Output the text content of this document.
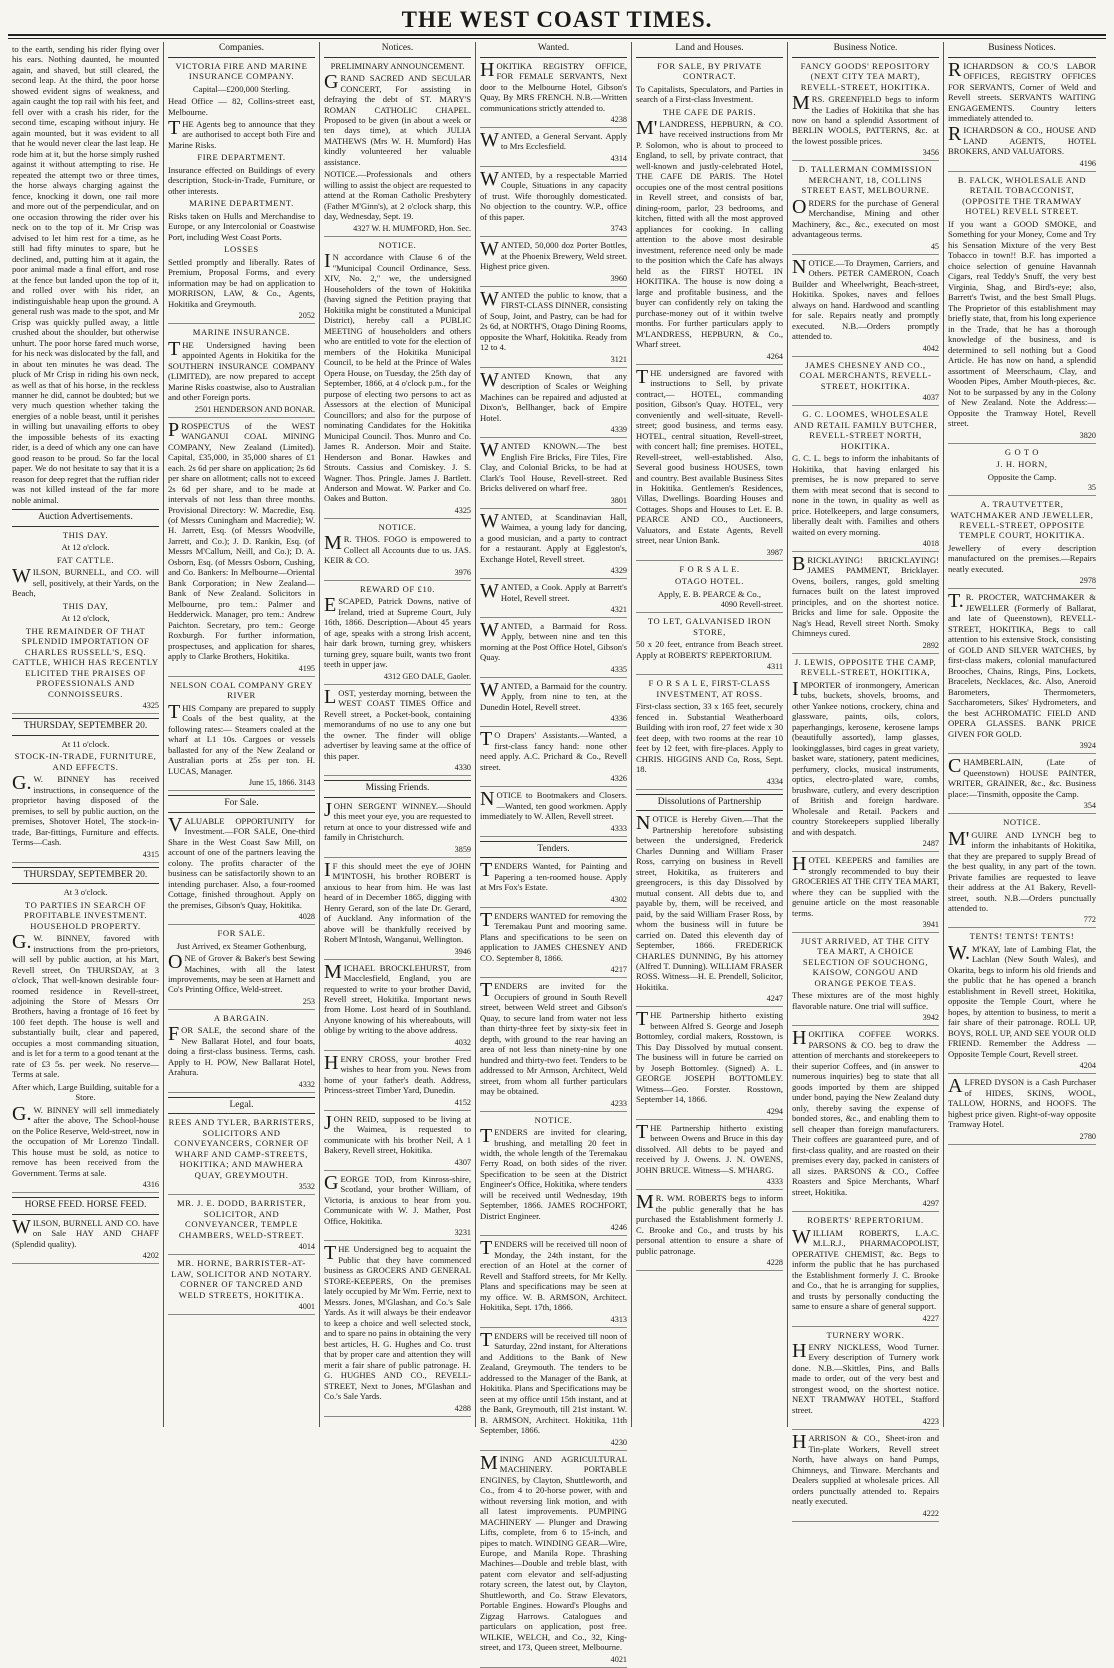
THE WEST COAST TIMES.
to the earth, sending his rider flying over his ears. Nothing daunted, he mounted again, and shaved, but still cleared, the second leap. At the third, the poor horse showed evident signs of weakness, and again caught the top rail with his feet, and fell over with a crash his rider, for the second time, escaping without injury. He again mounted, but it was evident to all that he would never clear the last leap. He rode him at it, but the horse simply rushed against it without attempting to rise. He repeated the attempt two or three times, the horse always charging against the fence, knocking it down, one rail more and more out of the perpendicular, and on one occasion throwing the rider over his neck on to the top of it. Mr Crisp was advised to let him rest for a time, as he still had fifty minutes to spare, but he declined, and, putting him at it again, the poor animal made a final effort, and rose at the fence but landed upon the top of it, and rolled over with his rider, an indistinguishable heap upon the ground. A general rush was made to the spot, and Mr Crisp was quickly pulled away, a little crushed about the shoulder, but otherwise unhurt. The poor horse fared much worse, for his neck was dislocated by the fall, and in about ten minutes he was dead. The pluck of Mr Crisp in riding his own neck, as well as that of his horse, in the reckless manner he did, cannot be doubted; but we very much question whether taking the energies of a noble beast, until it perishes in willing but unavailing efforts to obey the impossible behests of its exacting rider, is a deed of which any one can have good reason to be proud. So far the local paper. We do not hesitate to say that it is a reason for deep regret that the ruffian rider was not killed instead of the far more noble animal.
Auction Advertisements.
THIS DAY.
At 12 o'clock.
FAT CATTLE.
WILSON, BURNELL, and CO. will sell, positively, at their Yards, on the Beach,
THIS DAY,
At 12 o'clock,
THE REMAINDER OF THAT SPLENDID IMPORTATION OF CHARLES RUSSELL'S, ESQ. CATTLE, WHICH HAS RECENTLY ELICITED THE PRAISES OF PROFESSIONALS AND CONNOISSEURS.
4325
THURSDAY, SEPTEMBER 20.
At 11 o'clock.
STOCK-IN-TRADE, FURNITURE, AND EFFECTS.
G.W. BINNEY has received instructions, in consequence of the proprietor having disposed of the premises, to sell by public auction, on the premises, Shotover Hotel, The stock-in-trade, Bar-fittings, Furniture and effects. Terms—Cash.
4315
THURSDAY, SEPTEMBER 20.
At 3 o'clock.
TO PARTIES IN SEARCH OF PROFITABLE INVESTMENT. HOUSEHOLD PROPERTY.
G.W. BINNEY, favored with instructions from the pro-prietors, will sell by public auction, at his Mart, Revell street, On THURSDAY, at 3 o'clock, That well-known desirable four-roomed residence in Revell-street, adjoining the Store of Messrs Orr Brothers, having a frontage of 16 feet by 100 feet depth. The house is well and substantially built, clear and papered, occupies a most commanding situation, and is let for a term to a good tenant at the rate of £3 5s. per week. No reserve—Terms at sale.
After which, Large Building, suitable for a Store.
G.W. BINNEY will sell immediately after the above, The School-house on the Police Reserve, Weld-street, now in the occupation of Mr Lorenzo Tindall. This house must be sold, as notice to remove has been received from the Government. Terms at sale.
4316
HORSE FEED. HORSE FEED.
WILSON, BURNELL AND CO. have on Sale HAY AND CHAFF (Splendid quality).
4202
Companies.
VICTORIA FIRE AND MARINE INSURANCE COMPANY.
Capital—£200,000 Sterling.
Head Office — 82, Collins-street east, Melbourne.
THE Agents beg to announce that they are authorised to accept both Fire and Marine Risks.
FIRE DEPARTMENT.
Insurance effected on Buildings of every description, Stock-in-Trade, Furniture, or other interests.
MARINE DEPARTMENT.
Risks taken on Hulls and Merchandise to Europe, or any Intercolonial or Coastwise Port, including West Coast Ports.
LOSSES
Settled promptly and liberally. Rates of Premium, Proposal Forms, and every information may be had on application to MORRISON, LAW, & Co., Agents, Hokitika and Greymouth.
2052
MARINE INSURANCE.
THE Undersigned having been appointed Agents in Hokitika for the SOUTHERN INSURANCE COMPANY (LIMITED), are now prepared to accept Marine Risks coastwise, also to Australian and other Foreign ports.
2501 HENDERSON AND BONAR.
PROSPECTUS of the WEST WANGANUI COAL MINING COMPANY, New Zealand (Limited). Capital, £35,000, in 35,000 shares of £1 each. 2s 6d per share on application; 2s 6d per share on allotment; calls not to exceed 2s 6d per share, and to be made at intervals of not less than three months. Provisional Directory: W. Macredie, Esq. (of Messrs Cuningham and Macredie); W. H. Jarrett, Esq. (of Messrs Woodville, Jarrett, and Co.); J. D. Rankin, Esq. (of Messrs M'Callum, Neill, and Co.); D. A. Osborn, Esq. (of Messrs Osborn, Cushing, and Co. Bankers: In Melbourne—Oriental Bank Corporation; in New Zealand—Bank of New Zealand. Solicitors in Melbourne, pro tem.: Palmer and Hedderwick. Manager, pro tem.: Andrew Paichton. Secretary, pro tem.: George Roxburgh. For further information, prospectuses, and application for shares, apply to Clarke Brothers, Hokitika.
4195
NELSON COAL COMPANY GREY RIVER
THIS Company are prepared to supply Coals of the best quality, at the following rates:— Steamers coaled at the wharf at L1 10s. Cargoes or vessels ballasted for any of the New Zealand or Australian ports at 25s per ton. H. LUCAS, Manager.
June 15, 1866. 3143
For Sale.
VALUABLE OPPORTUNITY for Investment.—FOR SALE, One-third Share in the West Coast Saw Mill, on account of one of the partners leaving the colony. The profits character of the business can be satisfactorily shown to an intending purchaser. Also, a four-roomed Cottage, finished throughout. Apply on the premises, Gibson's Quay, Hokitika.
4028
FOR SALE.
Just Arrived, ex Steamer Gothenburg,
ONE of Grover & Baker's best Sewing Machines, with all the latest improvements, may be seen at Harnett and Co's Printing Office, Weld-street.
253
A BARGAIN.
FOR SALE, the second share of the New Ballarat Hotel, and four boats, doing a first-class business. Terms, cash. Apply to H. POW, New Ballarat Hotel, Arahura.
4332
Legal.
REES AND TYLER, BARRISTERS, SOLICITORS AND CONVEYANCERS, CORNER OF WHARF AND CAMP-STREETS, HOKITIKA; AND MAWHERA QUAY, GREYMOUTH.
3532
MR. J. E. DODD, BARRISTER, SOLICITOR, AND CONVEYANCER, TEMPLE CHAMBERS, WELD-STREET.
4014
MR. HORNE, BARRISTER-AT-LAW, SOLICITOR AND NOTARY. CORNER OF TANCRED AND WELD STREETS, HOKITIKA.
4001
Notices.
PRELIMINARY ANNOUNCEMENT.
GRAND SACRED AND SECULAR CONCERT, For assisting in defraying the debt of ST. MARY'S ROMAN CATHOLIC CHAPEL. Proposed to be given (in about a week or ten days time), at which JULIA MATHEWS (Mrs W. H. Mumford) Has kindly volunteered her valuable assistance.
NOTICE.—Professionals and others willing to assist the object are requested to attend at the Roman Catholic Presbytery (Father M'Ginn's), at 2 o'clock sharp, this day, Wednesday, Sept. 19.
4327 W. H. MUMFORD, Hon. Sec.
NOTICE.
IN accordance with Clause 6 of the "Municipal Council Ordinance, Sess. XIV, No. 2," we, the undersigned Householders of the town of Hokitika (having signed the Petition praying that Hokitika might be constituted a Municipal District), hereby call a PUBLIC MEETING of householders and others who are entitled to vote for the election of members of the Hokitika Municipal Council, to be held at the Prince of Wales Opera House, on Tuesday, the 25th day of September, 1866, at 4 o'clock p.m., for the purpose of electing two persons to act as Assessors at the election of Municipal Councillors; and also for the purpose of nominating Candidates for the Hokitika Municipal Council. Thos. Munro and Co. James R. Anderson. Moir and Staite. Henderson and Bonar. Hawkes and Strouts. Cassius and Comiskey. J. S. Wagner. Thos. Pringle. James J. Bartlett. Anderson and Mowat. W. Parker and Co. Oakes and Button.
4325
NOTICE.
MR. THOS. FOGO is empowered to Collect all Accounts due to us. JAS. KEIR & CO.
3976
REWARD OF £10.
ESCAPED, Patrick Downs, native of Ireland, tried at Supreme Court, July 16th, 1866. Description—About 45 years of age, speaks with a strong Irish accent, hair dark brown, turning grey, whiskers turning grey, square built, wants two front teeth in upper jaw.
4312 GEO DALE, Gaoler.
LOST, yesterday morning, between the WEST COAST TIMES Office and Revell street, a Pocket-book, containing memorandums of no use to any one but the owner. The finder will oblige advertiser by leaving same at the office of this paper.
4330
Missing Friends.
JOHN SERGENT WINNEY.—Should this meet your eye, you are requested to return at once to your distressed wife and family in Christchurch.
3859
IF this should meet the eye of JOHN M'INTOSH, his brother ROBERT is anxious to hear from him. He was last heard of in December 1865, digging with Henry Gerard, son of the late Dr. Gerard, of Auckland. Any information of the above will be thankfully received by Robert M'Intosh, Wanganui, Wellington.
3946
MICHAEL BROCKLEHURST, from Macclesfield, England, you are requested to write to your brother David, Revell street, Hokitika. Important news from Home. Lost heard of in Southland. Anyone knowing of his whereabouts, will oblige by writing to the above address.
4032
HENRY CROSS, your brother Fred wishes to hear from you. News from home of your father's death. Address, Princess-street Timber Yard, Dunedin.
4152
JOHN REID, supposed to be living at the Waimea, is requested to communicate with his brother Neil, A 1 Bakery, Revell street, Hokitika.
4307
GEORGE TOD, from Kinross-shire, Scotland, your brother William, of Victoria, is anxious to hear from you. Communicate with W. J. Mather, Post Office, Hokitika.
3231
THE Undersigned beg to acquaint the Public that they have commenced business as GROCERS AND GENERAL STORE-KEEPERS, On the premises lately occupied by Mr Wm. Ferrie, next to Messrs. Jones, M'Glashan, and Co.'s Sale Yards. As it will always be their endeavor to keep a choice and well selected stock, and to spare no pains in obtaining the very best articles, H. G. Hughes and Co. trust that by proper care and attention they will merit a fair share of public patronage. H. G. HUGHES AND CO., REVELL-STREET, Next to Jones, M'Glashan and Co.'s Sale Yards.
4288
Wanted.
HOKITIKA REGISTRY OFFICE, FOR FEMALE SERVANTS, Next door to the Melbourne Hotel, Gibson's Quay, By MRS FRENCH. N.B.—Written communications strictly attended to.
4238
WANTED, a General Servant. Apply to Mrs Ecclesfield.
4314
WANTED, by a respectable Married Couple, Situations in any capacity of trust. Wife thoroughly domesticated. No objection to the country. W.P., office of this paper.
3743
WANTED, 50,000 doz Porter Bottles, at the Phoenix Brewery, Weld street. Highest price given.
3960
WANTED the public to know, that a FIRST-CLASS DINNER, consisting of Soup, Joint, and Pastry, can be had for 2s 6d, at NORTH'S, Otago Dining Rooms, opposite the Wharf, Hokitika. Ready from 12 to 4.
3121
WANTED Known, that any description of Scales or Weighing Machines can be repaired and adjusted at Dixon's, Bellhanger, back of Empire Hotel.
4339
WANTED KNOWN.—The best English Fire Bricks, Fire Tiles, Fire Clay, and Colonial Bricks, to be had at Clark's Tool House, Revell-street. Red Bricks delivered on wharf free.
3801
WANTED, at Scandinavian Hall, Waimea, a young lady for dancing, a good musician, and a party to contract for a restaurant. Apply at Eggleston's, Exchange Hotel, Revell street.
4329
WANTED, a Cook. Apply at Barrett's Hotel, Revell street.
4321
WANTED, a Barmaid for Ross. Apply, between nine and ten this morning at the Post Office Hotel, Gibson's Quay.
4335
WANTED, a Barmaid for the country. Apply, from nine to ten, at the Dunedin Hotel, Revell street.
4336
TO Drapers' Assistants.—Wanted, a first-class fancy hand: none other need apply. A.C. Prichard & Co., Revell street.
4326
NOTICE to Bootmakers and Closers.—Wanted, ten good workmen. Apply immediately to W. Allen, Revell street.
4333
Tenders.
TENDERS Wanted, for Painting and Papering a ten-roomed house. Apply at Mrs Fox's Estate.
4302
TENDERS WANTED for removing the Teremakau Punt and mooring same. Plans and specifications to be seen on application to JAMES CHESNEY AND CO. September 8, 1866.
4217
TENDERS are invited for the Occupiers of ground in South Revell street, between Weld street and Gibson's Quay, to secure land from water not less than thirty-three feet by sixty-six feet in depth, with ground to the rear having an area of not less than ninety-nine by one hundred and thirty-two feet. Tenders to be addressed to Mr Armson, Architect, Weld street, from whom all further particulars may be obtained.
4233
NOTICE.
TENDERS are invited for clearing, brushing, and metalling 20 feet in width, the whole length of the Teremakau Ferry Road, on both sides of the river. Specification to be seen at the District Engineer's Office, Hokitika, where tenders will be received until Wednesday, 19th September, 1866. JAMES ROCHFORT, District Engineer.
4246
TENDERS will be received till noon of Monday, the 24th instant, for the erection of an Hotel at the corner of Revell and Stafford streets, for Mr Kelly. Plans and specifications may be seen at my office. W. B. ARMSON, Architect. Hokitika, Sept. 17th, 1866.
4313
TENDERS will be received till noon of Saturday, 22nd instant, for Alterations and Additions to the Bank of New Zealand, Greymouth. The tenders to be addressed to the Manager of the Bank, at Hokitika. Plans and Specifications may be seen at my office until 15th instant, and at the Bank, Greymouth, till 21st instant. W. B. ARMSON, Architect. Hokitika, 11th September, 1866.
4230
MINING AND AGRICULTURAL MACHINERY. PORTABLE ENGINES, by Clayton, Shuttleworth, and Co., from 4 to 20-horse power, with and without reversing link motion, and with all latest improvements. PUMPING MACHINERY — Plunger and Drawing Lifts, complete, from 6 to 15-inch, and pipes to match. WINDING GEAR—Wire, Europe, and Manila Rope. Thrashing Machines—Double and treble blast, with patent corn elevator and self-adjusting rotary screen, the latest out, by Clayton, Shuttleworth, and Co. Straw Elevators, Portable Engines. Howard's Ploughs and Zigzag Harrows. Catalogues and particulars on application, post free. WILKIE, WELCH, and Co., 32, King-street, and 173, Queen street, Melbourne.
4021
Land and Houses.
FOR SALE, BY PRIVATE CONTRACT.
To Capitalists, Speculators, and Parties in search of a First-class Investment.
THE CAFE DE PARIS.
M'LANDRESS, HEPBURN, & CO. have received instructions from Mr P. Solomon, who is about to proceed to England, to sell, by private contract, that well-known and justly-celebrated Hotel, THE CAFE DE PARIS. The Hotel occupies one of the most central positions in Revell street, and consists of bar, dining-room, parlor, 23 bedrooms, and kitchen, fitted with all the most approved appliances for cooking. In calling attention to the above most desirable investment, reference need only be made to the position which the Cafe has always held as the FIRST HOTEL IN HOKITIKA. The house is now doing a large and profitable business, and the buyer can confidently rely on taking the purchase-money out of it within twelve months. For further particulars apply to M'LANDRESS, HEPBURN, & Co., Wharf street.
4264
THE undersigned are favored with instructions to Sell, by private contract,— HOTEL, commanding position, Gibson's Quay. HOTEL, very conveniently and well-situate, Revell-street; good business, and terms easy. HOTEL, central situation, Revell-street, with concert hall; fine premises. HOTEL, Revell-street, well-established. Also, Several good business HOUSES, town and country. Best available Business Sites in Hokitika. Gentlemen's Residences, Villas, Dwellings. Boarding Houses and Cottages. Shops and Houses to Let. E. B. PEARCE AND CO., Auctioneers, Valuators, and Estate Agents, Revell street, near Union Bank.
3987
F O R S A L E.
OTAGO HOTEL.
Apply, E. B. PEARCE & Co.,
4090 Revell-street.
TO LET, GALVANISED IRON STORE,
50 x 20 feet, entrance from Beach street. Apply at ROBERTS' REPERTORIUM.
4311
F O R S A L E, FIRST-CLASS INVESTMENT, AT ROSS.
First-class section, 33 x 165 feet, securely fenced in. Substantial Weatherboard Building with iron roof, 27 feet wide x 30 feet deep, with two rooms at the rear 10 feet by 12 feet, with fire-places. Apply to CHRIS. HIGGINS AND Co, Ross, Sept. 18.
4334
Dissolutions of Partnership
NOTICE is Hereby Given.—That the Partnership heretofore subsisting between the undersigned, Frederick Charles Dunning and William Fraser Ross, carrying on business in Revell street, Hokitika, as fruiterers and greengrocers, is this day Dissolved by mutual consent. All debts due to, and payable by, them, will be received, and paid, by the said William Fraser Ross, by whom the business will in future be carried on. Dated this eleventh day of September, 1866. FREDERICK CHARLES DUNNING, By his attorney (Alfred T. Dunning). WILLIAM FRASER ROSS. Witness—H. E. Prendell, Solicitor, Hokitika.
4247
THE Partnership hitherto existing between Alfred S. George and Joseph Bottomley, cordial makers, Rosstown, is This Day Dissolved by mutual consent. The business will in future be carried on by Joseph Bottomley. (Signed) A. L. GEORGE JOSEPH BOTTOMLEY. Witness—Geo. Forster. Rosstown, September 14, 1866.
4294
THE Partnership hitherto existing between Owens and Bruce in this day dissolved. All debts to be payed and received by J. Owens. J. N. OWENS, JOHN BRUCE. Witness—S. M'HARG.
4333
MR. WM. ROBERTS begs to inform the public generally that he has purchased the Establishment formerly J. C. Brooke and Co., and trusts by his personal attention to ensure a share of public patronage.
4228
Business Notice.
FANCY GOODS' REPOSITORY (NEXT CITY TEA MART), REVELL-STREET, HOKITIKA.
MRS. GREENFIELD begs to inform the Ladies of Hokitika that she has now on hand a splendid Assortment of BERLIN WOOLS, PATTERNS, &c. at the lowest possible prices.
3456
D. TALLERMAN COMMISSION MERCHANT, 18, COLLINS STREET EAST, MELBOURNE.
ORDERS for the purchase of General Merchandise, Mining and other Machinery, &c., &c., executed on most advantageous terms.
45
NOTICE.—To Draymen, Carriers, and Others. PETER CAMERON, Coach Builder and Wheelwright, Beach-street, Hokitika. Spokes, naves and felloes always on hand. Hardwood and scantling for sale. Repairs neatly and promptly executed. N.B.—Orders promptly attended to.
4042
JAMES CHESNEY AND CO., COAL MERCHANTS, REVELL-STREET, HOKITIKA.
4037
G. C. LOOMES, WHOLESALE AND RETAIL FAMILY BUTCHER, REVELL-STREET NORTH, HOKITIKA.
G. C. L. begs to inform the inhabitants of Hokitika, that having enlarged his premises, he is now prepared to serve them with meat second that is second to none in the town, in quality as well as price. Hotelkeepers, and large consumers, liberally dealt with. Families and others waited on every morning.
4018
BRICKLAYING! BRICKLAYING! JAMES PAMMENT, Bricklayer. Ovens, boilers, ranges, gold smelting furnaces built on the latest improved principles, and on the shortest notice. Bricks and lime for sale. Opposite the Nag's Head, Revell street North. Smoky Chimneys cured.
2892
J. LEWIS, OPPOSITE THE CAMP, REVELL-STREET, HOKITIKA,
IMPORTER of ironmongery, American tubs, buckets, shovels, brooms, and other Yankee notions, crockery, china and glassware, paints, oils, colors, paperhangings, kerosene, kerosene lamps (beautifully assorted), lamp glasses, lookingglasses, bird cages in great variety, basket ware, stationery, patent medicines, perfumery, clocks, musical instruments, optics, electro-plated ware, combs, brushware, cutlery, and every description of British and foreign hardware. Wholesale and Retail. Packers and country Storekeepers supplied liberally and with despatch.
2487
HOTEL KEEPERS and families are strongly recommended to buy their GROCERIES AT THE CITY TEA MART, where they can be supplied with the genuine article on the most reasonable terms.
3941
JUST ARRIVED, AT THE CITY TEA MART, A CHOICE SELECTION OF SOUCHONG, KAISOW, CONGOU AND ORANGE PEKOE TEAS.
These mixtures are of the most highly flavorable nature. One trial will suffice.
3942
HOKITIKA COFFEE WORKS. PARSONS & CO. beg to draw the attention of merchants and storekeepers to their superior Coffees, and (in answer to numerous inquiries) beg to state that all goods imported by them are shipped under bond, paying the New Zealand duty only, thereby saving the expense of bonded stores, &c., and enabling them to sell cheaper than foreign manufacturers. Their coffees are guaranteed pure, and of first-class quality, and are roasted on their premises every day, packed in canisters of all sizes. PARSONS & CO., Coffee Roasters and Spice Merchants, Wharf street, Hokitika.
4297
ROBERTS' REPERTORIUM.
WILLIAM ROBERTS, L.A.C. M.L.R.J., PHARMACOPOLIST, OPERATIVE CHEMIST, &c. Begs to inform the public that he has purchased the Establishment formerly J. C. Brooke and Co., that he is arranging for supplies, and trusts by personally conducting the same to ensure a share of general support.
4227
TURNERY WORK.
HENRY NICKLESS, Wood Turner. Every description of Turnery work done. N.B.—Skittles, Pins, and Balls made to order, out of the very best and strongest wood, on the shortest notice. NEXT TRAMWAY HOTEL, Stafford street.
4223
HARRISON & CO., Sheet-iron and Tin-plate Workers, Revell street North, have always on hand Pumps, Chimneys, and Tinware. Merchants and Dealers supplied at wholesale prices. All orders punctually attended to. Repairs neatly executed.
4222
Business Notices.
RICHARDSON & CO.'S LABOR OFFICES, REGISTRY OFFICES FOR SERVANTS, Corner of Weld and Revell streets. SERVANTS WAITING ENGAGEMENTS. Country letters immediately attended to.
RICHARDSON & CO., HOUSE AND LAND AGENTS, HOTEL BROKERS, AND VALUATORS.
4196
B. FALCK, WHOLESALE AND RETAIL TOBACCONIST, (OPPOSITE THE TRAMWAY HOTEL) REVELL STREET.
If you want a GOOD SMOKE, and Something for your Money, Come and Try his Sensation Mixture of the very Best Tobacco in town!! B.F. has imported a choice selection of genuine Havannah Cigars, real Teddy's Snuff, the very best Virginia, Shag, and Bird's-eye; also, Barrett's Twist, and the best Small Plugs. The Proprietor of this establishment may briefly state, that, from his long experience in the Trade, that he has a thorough knowledge of the business, and is determined to sell nothing but a Good Article. He has now on hand, a splendid assortment of Meerschaum, Clay, and Wooden Pipes, Amber Mouth-pieces, &c. Not to be surpassed by any in the Colony of New Zealand. Note the Address:— Opposite the Tramway Hotel, Revell street.
3820
G O T O
J. H. HORN,
Opposite the Camp.
35
A. TRAUTVETTER, WATCHMAKER AND JEWELLER, REVELL-STREET, OPPOSITE TEMPLE COURT, HOKITIKA.
Jewellery of every description manufactured on the premises.—Repairs neatly executed.
2978
T.R. PROCTER, WATCHMAKER & JEWELLER (Formerly of Ballarat, and late of Queenstown), REVELL-STREET, HOKITIKA, Begs to call attention to his extensive Stock, consisting of GOLD AND SILVER WATCHES, by first-class makers, colonial manufactured Brooches, Chains, Rings, Pins, Lockets, Bracelets, Necklaces, &c. Also, Aneroid Barometers, Thermometers, Saccharometers, Sikes' Hydrometers, and the best ACHROMATIC FIELD AND OPERA GLASSES. BANK PRICE GIVEN FOR GOLD.
3924
CHAMBERLAIN, (Late of Queenstown) HOUSE PAINTER, WRITER, GRAINER, &c., &c. Business place:—Tinsmith, opposite the Camp.
354
NOTICE.
M'GUIRE AND LYNCH beg to inform the inhabitants of Hokitika, that they are prepared to supply Bread of the best quality, in any part of the town. Private families are requested to leave their address at the A1 Bakery, Revell-street, south. N.B.—Orders punctually attended to.
772
TENTS! TENTS! TENTS!
W.M'KAY, late of Lambing Flat, the Lachlan (New South Wales), and Okarita, begs to inform his old friends and the public that he has opened a branch establishment in Revell street, Hokitika, opposite the Temple Court, where he hopes, by attention to business, to merit a fair share of their patronage. ROLL UP, BOYS, ROLL UP, AND SEE YOUR OLD FRIEND. Remember the Address — Opposite Temple Court, Revell street.
4204
ALFRED DYSON is a Cash Purchaser of HIDES, SKINS, WOOL, TALLOW, HORNS, and HOOFS. The highest price given. Right-of-way opposite Tramway Hotel.
2780
